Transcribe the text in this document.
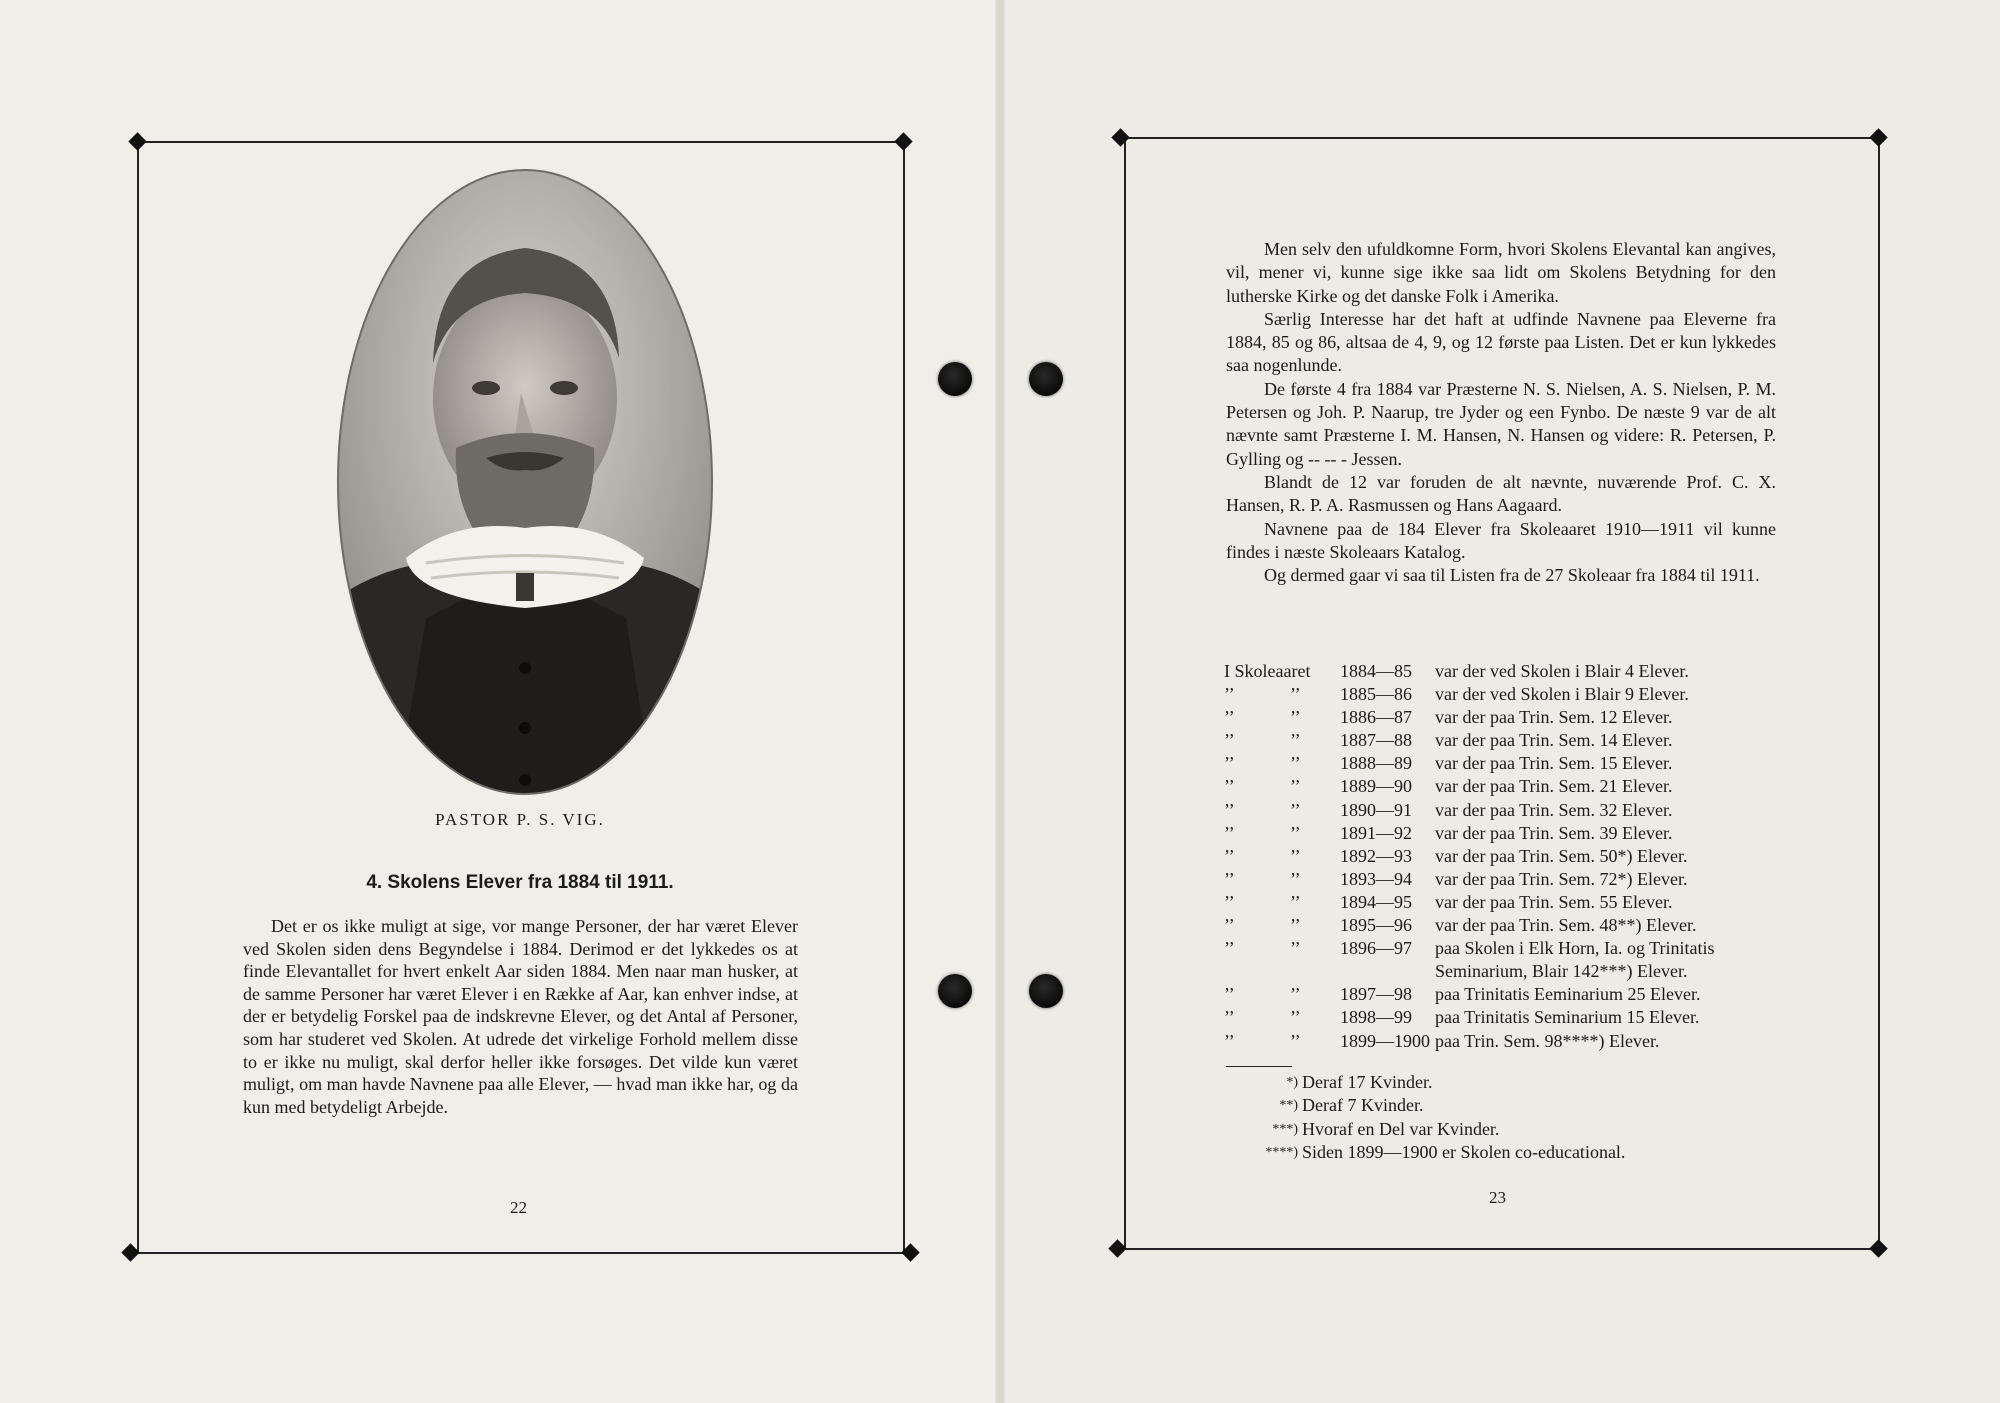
PASTOR P. S. VIG.
4. Skolens Elever fra 1884 til 1911.
Det er os ikke muligt at sige, vor mange Personer, der har været Elever ved Skolen siden dens Begyndelse i 1884. Derimod er det lykkedes os at finde Elevantallet for hvert enkelt Aar siden 1884. Men naar man husker, at de samme Personer har været Elever i en Række af Aar, kan enhver indse, at der er betydelig Forskel paa de indskrevne Elever, og det Antal af Personer, som har studeret ved Skolen. At udrede det virkelige Forhold mellem disse to er ikke nu muligt, skal derfor heller ikke forsøges. Det vilde kun været muligt, om man havde Navnene paa alle Elever, — hvad man ikke har, og da kun med betydeligt Arbejde.
22

Men selv den ufuldkomne Form, hvori Skolens Elevantal kan angives, vil, mener vi, kunne sige ikke saa lidt om Skolens Betydning for den lutherske Kirke og det danske Folk i Amerika.

Særlig Interesse har det haft at udfinde Navnene paa Eleverne fra 1884, 85 og 86, altsaa de 4, 9, og 12 første paa Listen. Det er kun lykkedes saa nogenlunde.

De første 4 fra 1884 var Præsterne N. S. Nielsen, A. S. Nielsen, P. M. Petersen og Joh. P. Naarup, tre Jyder og een Fynbo. De næste 9 var de alt nævnte samt Præsterne I. M. Hansen, N. Hansen og videre: R. Petersen, P. Gylling og -- -- - Jessen.

Blandt de 12 var foruden de alt nævnte, nuværende Prof. C. X. Hansen, R. P. A. Rasmussen og Hans Aagaard.

Navnene paa de 184 Elever fra Skoleaaret 1910—1911 vil kunne findes i næste Skoleaars Katalog.

Og dermed gaar vi saa til Listen fra de 27 Skoleaar fra 1884 til 1911.

I Skoleaaret	1884—85	var der ved Skolen i Blair 4 Elever.
’’	’’	1885—86	var der ved Skolen i Blair 9 Elever.
’’	’’	1886—87	var der paa Trin. Sem. 12 Elever.
’’	’’	1887—88	var der paa Trin. Sem. 14 Elever.
’’	’’	1888—89	var der paa Trin. Sem. 15 Elever.
’’	’’	1889—90	var der paa Trin. Sem. 21 Elever.
’’	’’	1890—91	var der paa Trin. Sem. 32 Elever.
’’	’’	1891—92	var der paa Trin. Sem. 39 Elever.
’’	’’	1892—93	var der paa Trin. Sem. 50*) Elever.
’’	’’	1893—94	var der paa Trin. Sem. 72*) Elever.
’’	’’	1894—95	var der paa Trin. Sem. 55 Elever.
’’	’’	1895—96	var der paa Trin. Sem. 48**) Elever.
’’	’’	1896—97	paa Skolen i Elk Horn, Ia. og Trinitatis Seminarium, Blair 142***) Elever.
’’	’’	1897—98	paa Trinitatis Eeminarium 25 Elever.
’’	’’	1898—99	paa Trinitatis Seminarium 15 Elever.
’’	’’	1899—1900 paa Trin. Sem. 98****) Elever.
*) Deraf 17 Kvinder.
**) Deraf 7 Kvinder.
***) Hvoraf en Del var Kvinder.
****) Siden 1899—1900 er Skolen co-educational.
23
